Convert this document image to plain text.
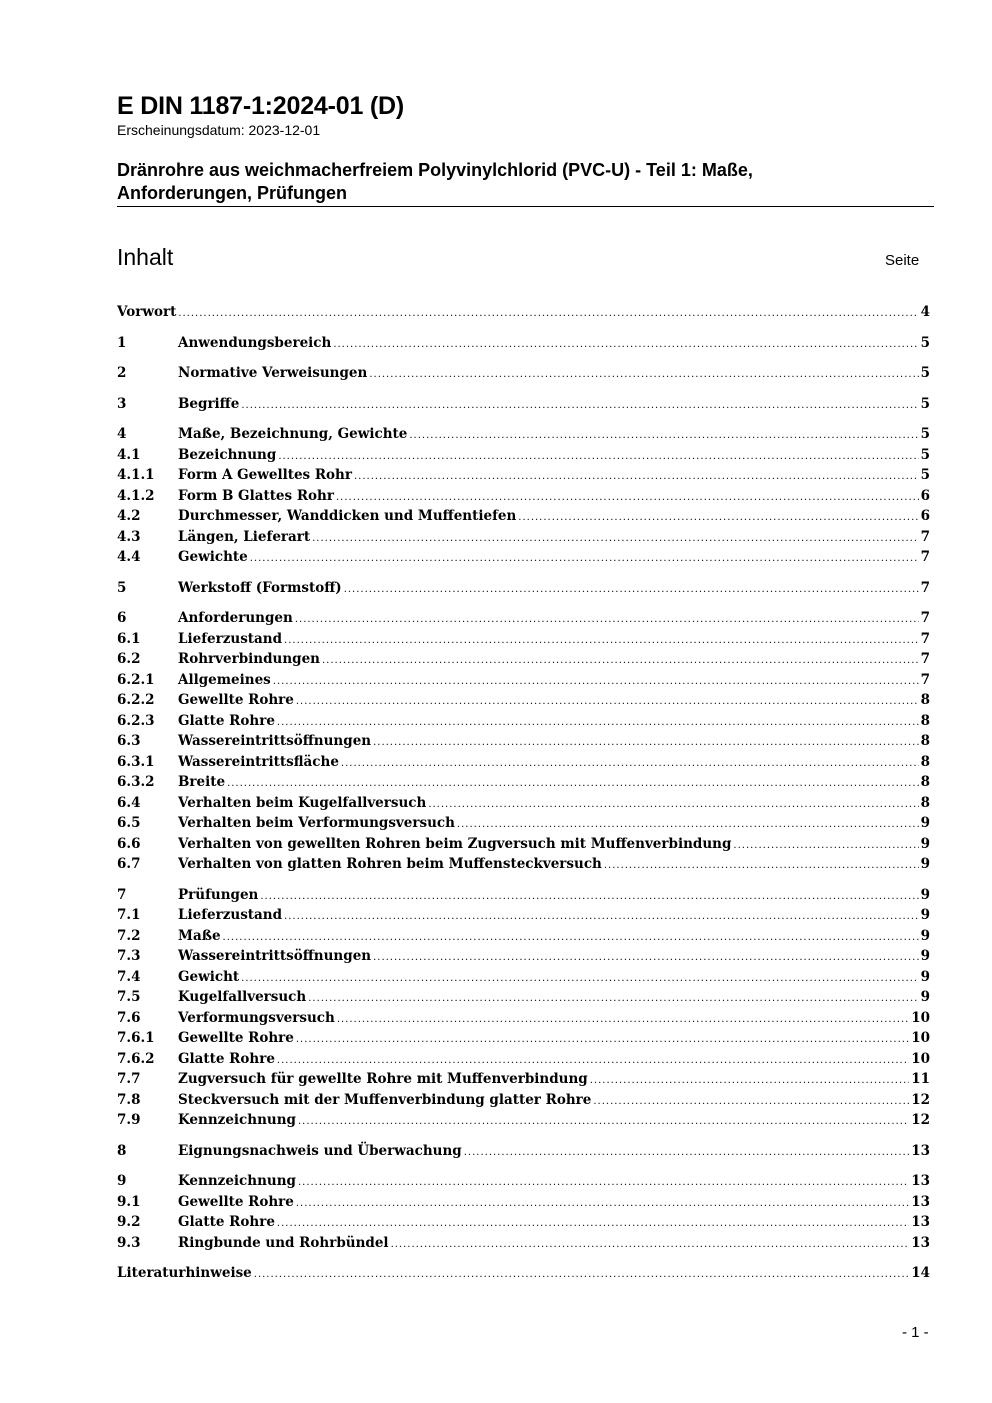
E DIN 1187-1:2024-01 (D)
Erscheinungsdatum: 2023-12-01
Dränrohre aus weichmacherfreiem Polyvinylchlorid (PVC-U) - Teil 1: Maße,
Anforderungen, Prüfungen
Inhalt	Seite
Vorwort .....	4
1	Anwendungsbereich .....	5
2	Normative Verweisungen .....	5
3	Begriffe .....	5
4	Maße, Bezeichnung, Gewichte .....	5
4.1	Bezeichnung .....	5
4.1.1	Form A Gewelltes Rohr .....	5
4.1.2	Form B Glattes Rohr .....	6
4.2	Durchmesser, Wanddicken und Muffentiefen .....	6
4.3	Längen, Lieferart .....	7
4.4	Gewichte .....	7
5	Werkstoff (Formstoff) .....	7
6	Anforderungen .....	7
6.1	Lieferzustand .....	7
6.2	Rohrverbindungen .....	7
6.2.1	Allgemeines .....	7
6.2.2	Gewellte Rohre .....	8
6.2.3	Glatte Rohre .....	8
6.3	Wassereintrittsöffnungen .....	8
6.3.1	Wassereintrittsfläche .....	8
6.3.2	Breite .....	8
6.4	Verhalten beim Kugelfallversuch .....	8
6.5	Verhalten beim Verformungsversuch .....	9
6.6	Verhalten von gewellten Rohren beim Zugversuch mit Muffenverbindung .....	9
6.7	Verhalten von glatten Rohren beim Muffensteckversuch .....	9
7	Prüfungen .....	9
7.1	Lieferzustand .....	9
7.2	Maße .....	9
7.3	Wassereintrittsöffnungen .....	9
7.4	Gewicht .....	9
7.5	Kugelfallversuch .....	9
7.6	Verformungsversuch .....	10
7.6.1	Gewellte Rohre .....	10
7.6.2	Glatte Rohre .....	10
7.7	Zugversuch für gewellte Rohre mit Muffenverbindung .....	11
7.8	Steckversuch mit der Muffenverbindung glatter Rohre .....	12
7.9	Kennzeichnung .....	12
8	Eignungsnachweis und Überwachung .....	13
9	Kennzeichnung .....	13
9.1	Gewellte Rohre .....	13
9.2	Glatte Rohre .....	13
9.3	Ringbunde und Rohrbündel .....	13
Literaturhinweise .....	14
- 1 -
